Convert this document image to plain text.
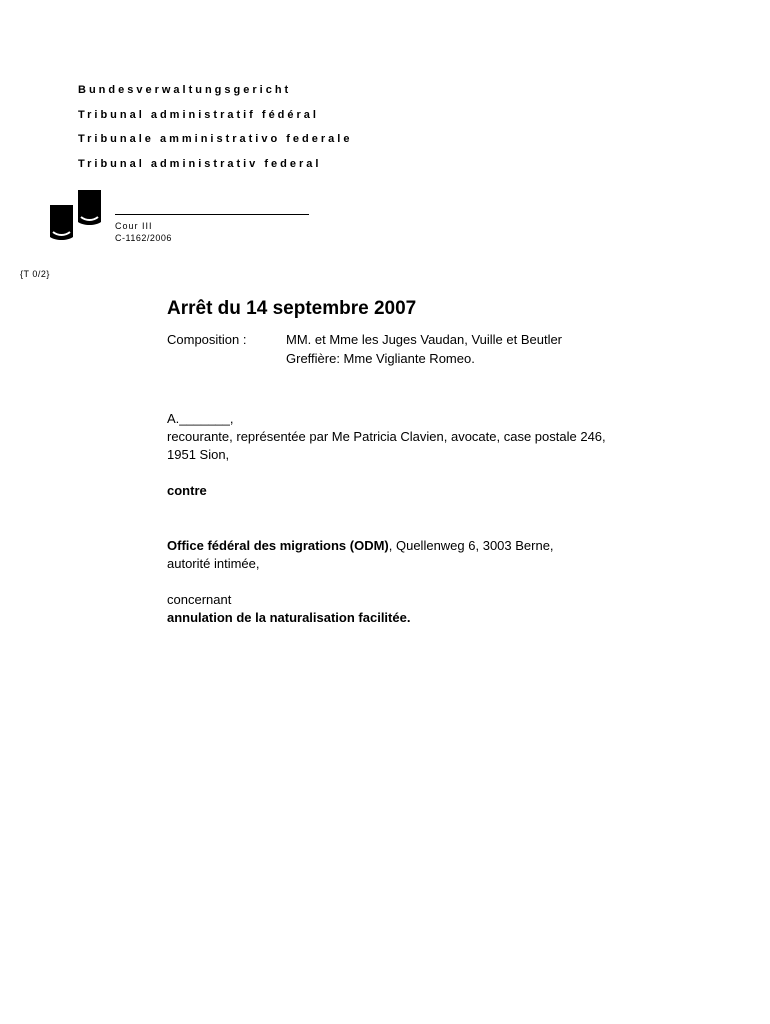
Bundesverwaltungsgericht
Tribunal administratif fédéral
Tribunale amministrativo federale
Tribunal administrativ federal
Cour III
C-1162/2006
{T 0/2}
Arrêt du 14 septembre 2007
Composition :	MM. et Mme les Juges Vaudan, Vuille et Beutler
Greffière: Mme Vigliante Romeo.
A._______,
recourante, représentée par Me Patricia Clavien, avocate, case postale 246,
1951 Sion,
contre
Office fédéral des migrations (ODM), Quellenweg 6, 3003 Berne,
autorité intimée,
concernant
annulation de la naturalisation facilitée.
